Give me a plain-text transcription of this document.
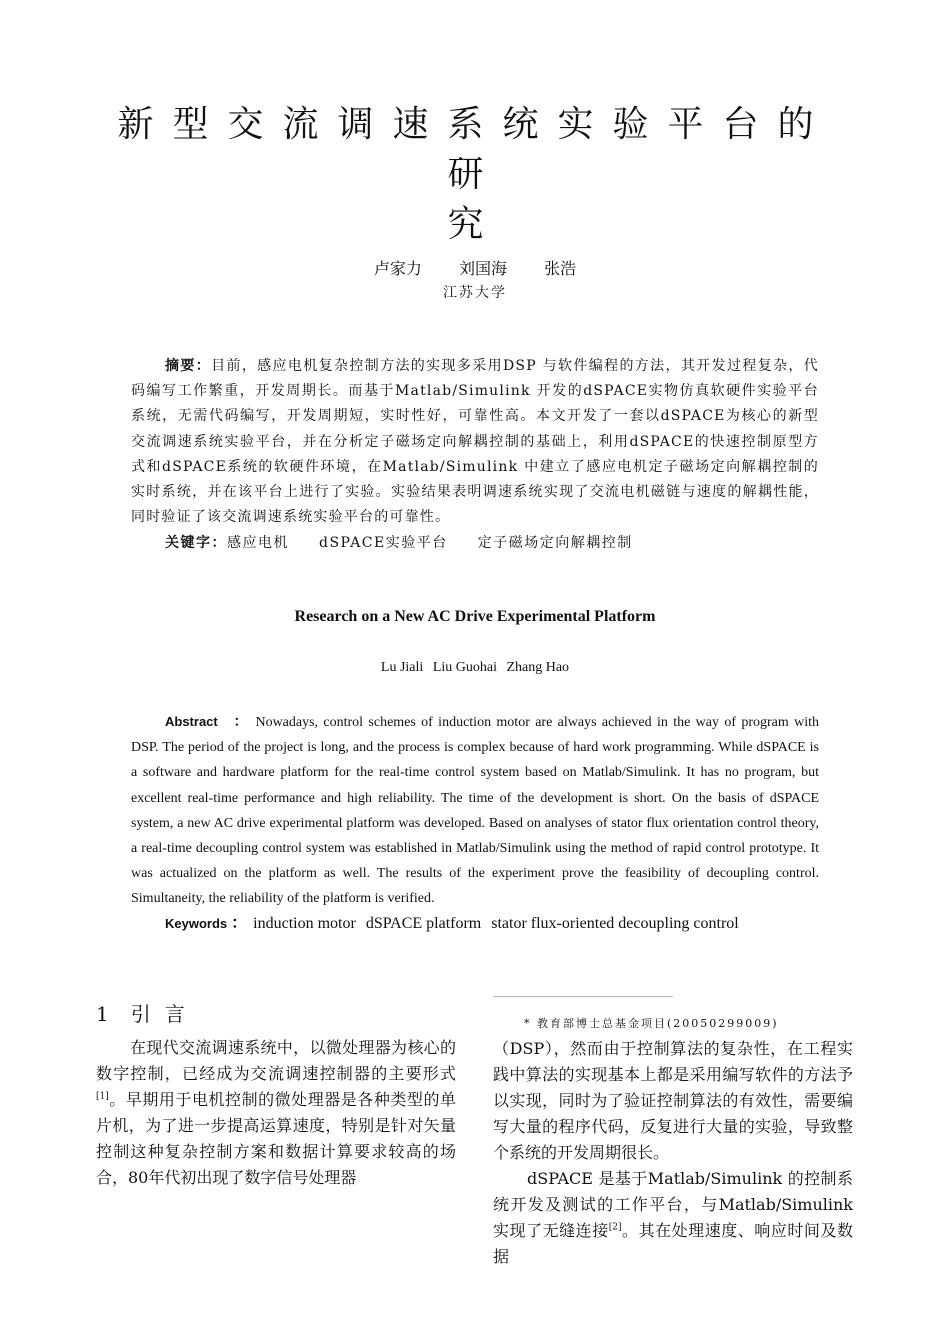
新型交流调速系统实验平台的研
究
卢家力 刘国海 张浩
江苏大学
摘要：目前，感应电机复杂控制方法的实现多采用DSP 与软件编程的方法，其开发过程复杂，代码编写工作繁重，开发周期长。而基于Matlab/Simulink 开发的dSPACE实物仿真软硬件实验平台系统，无需代码编写，开发周期短，实时性好，可靠性高。本文开发了一套以dSPACE为核心的新型交流调速系统实验平台，并在分析定子磁场定向解耦控制的基础上，利用dSPACE的快速控制原型方式和dSPACE系统的软硬件环境，在Matlab/Simulink 中建立了感应电机定子磁场定向解耦控制的实时系统，并在该平台上进行了实验。实验结果表明调速系统实现了交流电机磁链与速度的解耦性能，同时验证了该交流调速系统实验平台的可靠性。
关键字：感应电机 dSPACE实验平台 定子磁场定向解耦控制
Research on a New AC Drive Experimental Platform
Lu Jiali Liu Guohai Zhang Hao
Abstract ： Nowadays, control schemes of induction motor are always achieved in the way of program with DSP. The period of the project is long, and the process is complex because of hard work programming. While dSPACE is a software and hardware platform for the real-time control system based on Matlab/Simulink. It has no program, but excellent real-time performance and high reliability. The time of the development is short. On the basis of dSPACE system, a new AC drive experimental platform was developed. Based on analyses of stator flux orientation control theory, a real-time decoupling control system was established in Matlab/Simulink using the method of rapid control prototype. It was actualized on the platform as well. The results of the experiment prove the feasibility of decoupling control. Simultaneity, the reliability of the platform is verified.
Keywords ： induction motor dSPACE platform stator flux-oriented decoupling control
1 引言	* 教育部博士总基金项目(20050299009)

在现代交流调速系统中，以微处理器为核心的数字控制，已经成为交流调速控制器的主要形式[1]。早期用于电机控制的微处理器是各种类型的单片机，为了进一步提高运算速度，特别是针对矢量控制这种复杂控制方案和数据计算要求较高的场合，80年代初出现了数字信号处理器

（DSP），然而由于控制算法的复杂性，在工程实践中算法的实现基本上都是采用编写软件的方法予以实现，同时为了验证控制算法的有效性，需要编写大量的程序代码，反复进行大量的实验，导致整个系统的开发周期很长。

dSPACE 是基于Matlab/Simulink 的控制系统开发及测试的工作平台，与Matlab/Simulink 实现了无缝连接[2]。其在处理速度、响应时间及数据
